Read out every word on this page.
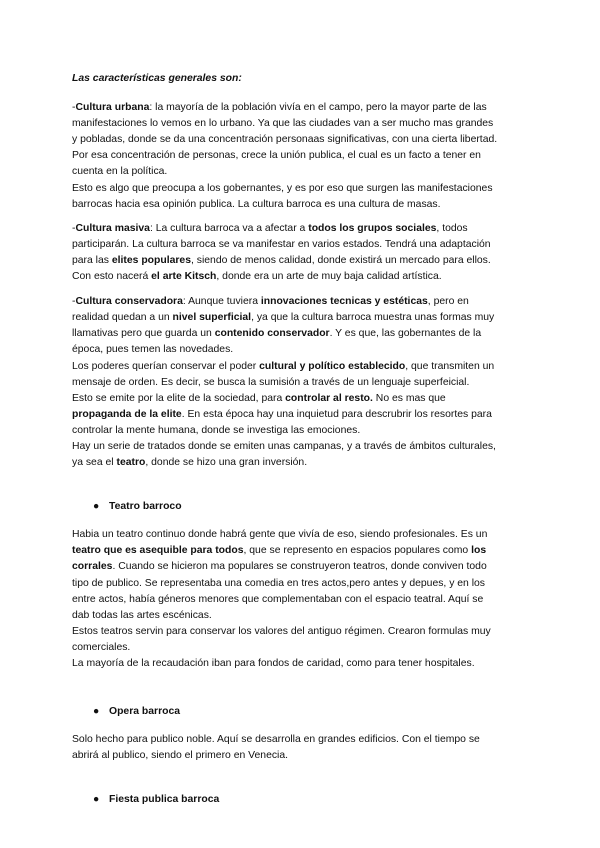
Las características generales son:
-Cultura urbana: la mayoría de la población vivía en el campo, pero la mayor parte de las
manifestaciones lo vemos en lo urbano. Ya que las ciudades van a ser mucho mas grandes
y pobladas, donde se da una concentración personaas significativas, con una cierta libertad.
Por esa concentración de personas, crece la unión publica, el cual es un facto a tener en
cuenta en la política.
Esto es algo que preocupa a los gobernantes, y es por eso que surgen las manifestaciones
barrocas hacia esa opinión publica. La cultura barroca es una cultura de masas.
-Cultura masiva: La cultura barroca va a afectar a todos los grupos sociales, todos
participarán. La cultura barroca se va manifestar en varios estados. Tendrá una adaptación
para las elites populares, siendo de menos calidad, donde existirá un mercado para ellos.
Con esto nacerá el arte Kitsch, donde era un arte de muy baja calidad artística.
-Cultura conservadora: Aunque tuviera innovaciones tecnicas y estéticas, pero en
realidad quedan a un nivel superficial, ya que la cultura barroca muestra unas formas muy
llamativas pero que guarda un contenido conservador. Y es que, las gobernantes de la
época, pues temen las novedades.
Los poderes querían conservar el poder cultural y político establecido, que transmiten un
mensaje de orden. Es decir, se busca la sumisión a través de un lenguaje superfeicial.
Esto se emite por la elite de la sociedad, para controlar al resto. No es mas que
propaganda de la elite. En esta época hay una inquietud para descrubrir los resortes para
controlar la mente humana, donde se investiga las emociones.
Hay un serie de tratados donde se emiten unas campanas, y a través de ámbitos culturales,
ya sea el teatro, donde se hizo una gran inversión.
● Teatro barroco
Habia un teatro continuo donde habrá gente que vivía de eso, siendo profesionales. Es un
teatro que es asequible para todos, que se represento en espacios populares como los
corrales. Cuando se hicieron ma populares se construyeron teatros, donde conviven todo
tipo de publico. Se representaba una comedia en tres actos,pero antes y depues, y en los
entre actos, había géneros menores que complementaban con el espacio teatral. Aquí se
dab todas las artes escénicas.
Estos teatros servin para conservar los valores del antiguo régimen. Crearon formulas muy
comerciales.
La mayoría de la recaudación iban para fondos de caridad, como para tener hospitales.
● Opera barroca
Solo hecho para publico noble. Aquí se desarrolla en grandes edificios. Con el tiempo se
abrirá al publico, siendo el primero en Venecia.
● Fiesta publica barroca
